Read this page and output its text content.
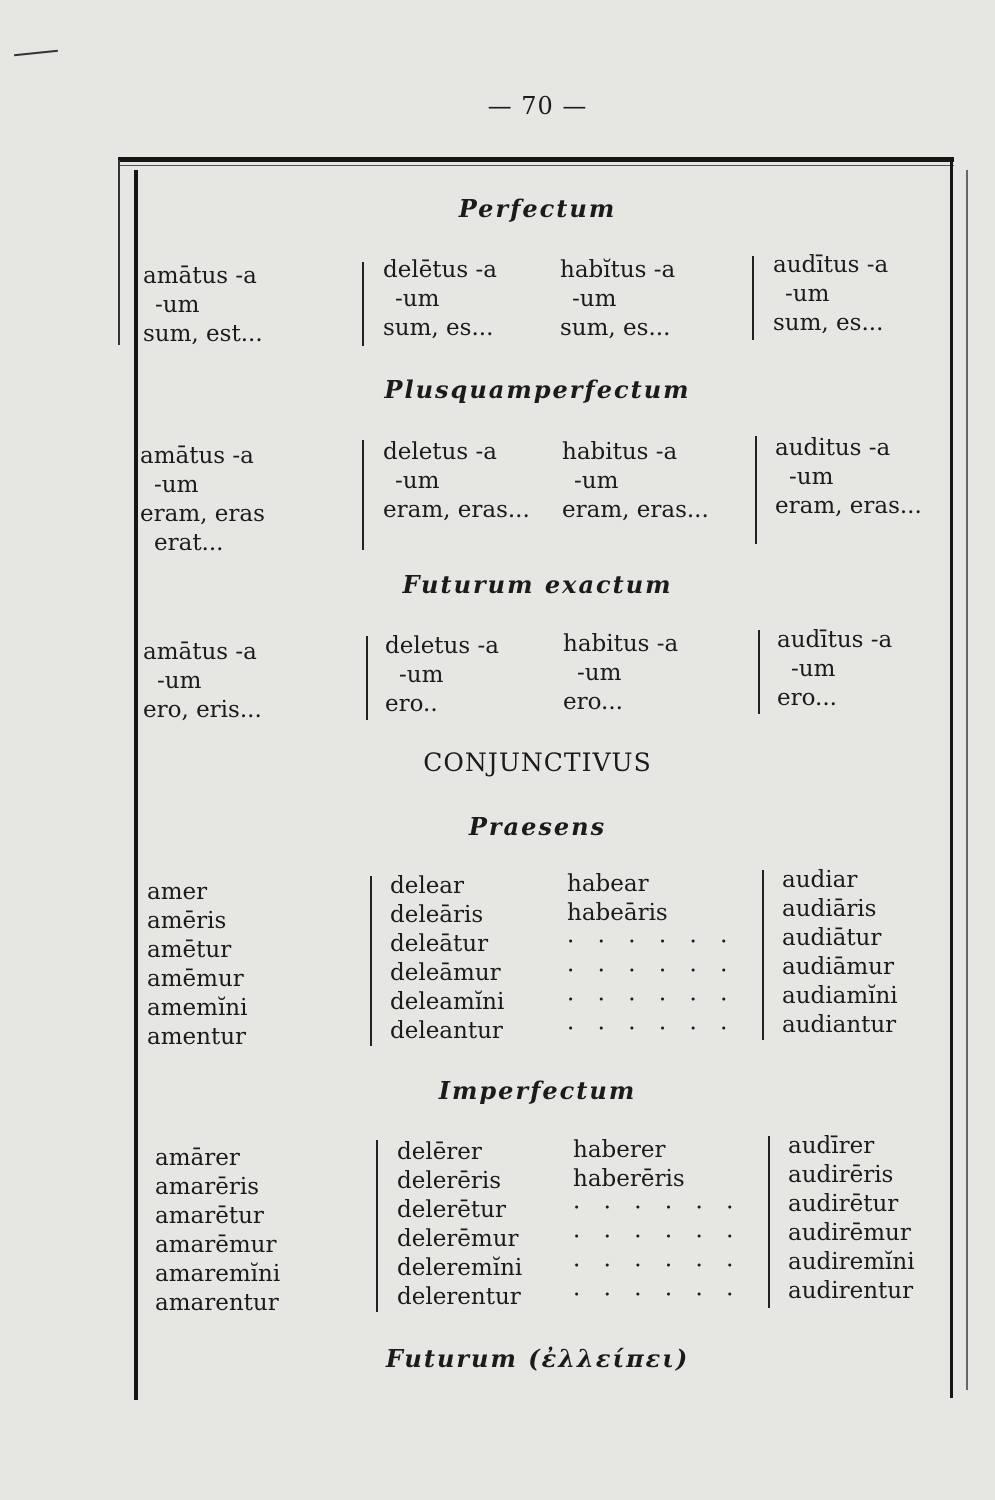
— 70 —
Perfectum
amātus -a
-um
sum, est...
delētus -a
-um
sum, es...
habĭtus -a
-um
sum, es...
audītus -a
-um
sum, es...
Plusquamperfectum
amātus -a
-um
eram, eras
erat...
deletus -a
-um
eram, eras...
habitus -a
-um
eram, eras...
auditus -a
-um
eram, eras...
Futurum exactum
amātus -a
-um
ero, eris...
deletus -a
-um
ero..
habitus -a
-um
ero...
audītus -a
-um
ero...
CONJUNCTIVUS
Praesens
amer
amēris
amētur
amēmur
amemĭni
amentur
delear
deleāris
deleātur
deleāmur
deleamĭni
deleantur
habear
habeāris
· · · · · ·
· · · · · ·
· · · · · ·
· · · · · ·
audiar
audiāris
audiātur
audiāmur
audiamĭni
audiantur
Imperfectum
amārer
amarēris
amarētur
amarēmur
amaremĭni
amarentur
delērer
delerēris
delerētur
delerēmur
deleremĭni
delerentur
haberer
haberēris
· · · · · ·
· · · · · ·
· · · · · ·
· · · · · ·
audīrer
audirēris
audirētur
audirēmur
audiremĭni
audirentur
Futurum (ἐλλείπει)
